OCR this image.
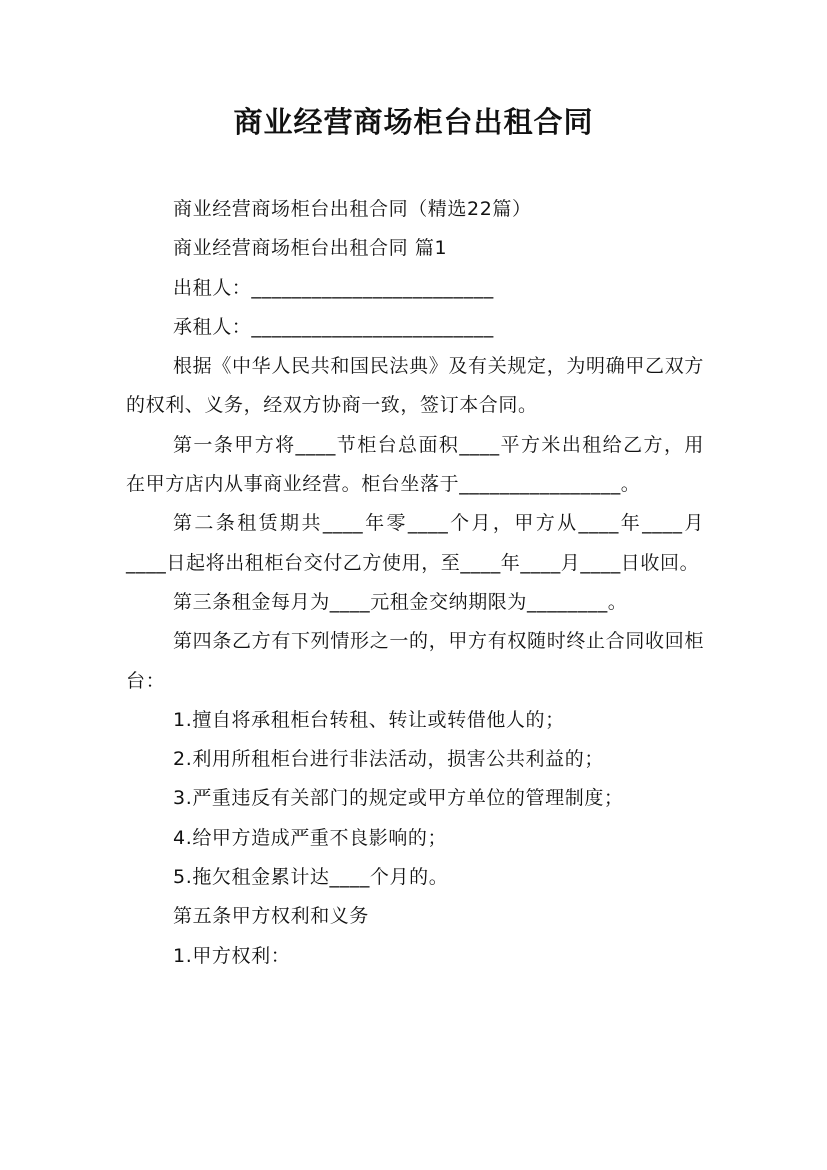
商业经营商场柜台出租合同

商业经营商场柜台出租合同（精选22篇）

商业经营商场柜台出租合同 篇1

出租人：________________________

承租人：________________________

根据《中华人民共和国民法典》及有关规定，为明确甲乙双方的权利、义务，经双方协商一致，签订本合同。

第一条甲方将____节柜台总面积____平方米出租给乙方，用在甲方店内从事商业经营。柜台坐落于________________。

第二条租赁期共____年零____个月，甲方从____年____月____日起将出租柜台交付乙方使用，至____年____月____日收回。

第三条租金每月为____元租金交纳期限为________。

第四条乙方有下列情形之一的，甲方有权随时终止合同收回柜台：

1.擅自将承租柜台转租、转让或转借他人的；

2.利用所租柜台进行非法活动，损害公共利益的；

3.严重违反有关部门的规定或甲方单位的管理制度；

4.给甲方造成严重不良影响的；

5.拖欠租金累计达____个月的。

第五条甲方权利和义务

1.甲方权利：
